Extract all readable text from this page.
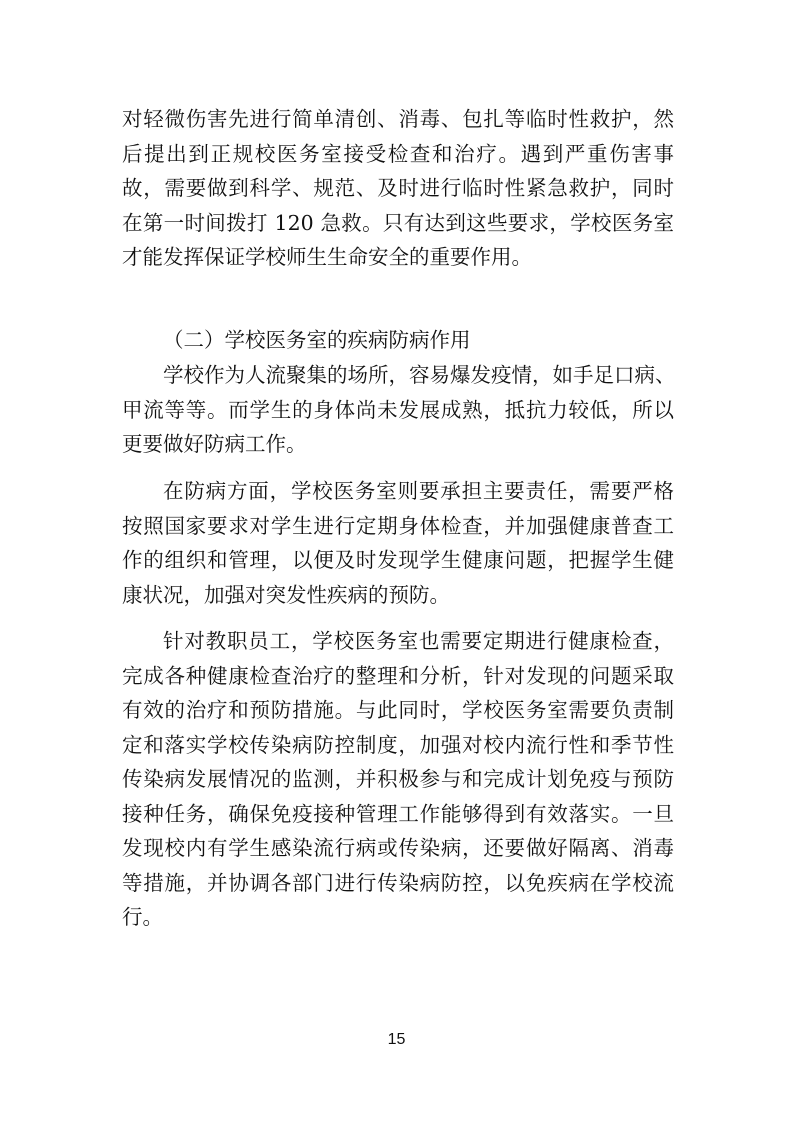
对轻微伤害先进行简单清创、消毒、包扎等临时性救护，然
后提出到正规校医务室接受检查和治疗。遇到严重伤害事
故，需要做到科学、规范、及时进行临时性紧急救护，同时
在第一时间拨打 120 急救。只有达到这些要求，学校医务室
才能发挥保证学校师生生命安全的重要作用。
（二）学校医务室的疾病防病作用
学校作为人流聚集的场所，容易爆发疫情，如手足口病、
甲流等等。而学生的身体尚未发展成熟，抵抗力较低，所以
更要做好防病工作。
在防病方面，学校医务室则要承担主要责任，需要严格
按照国家要求对学生进行定期身体检查，并加强健康普查工
作的组织和管理，以便及时发现学生健康问题，把握学生健
康状况，加强对突发性疾病的预防。
针对教职员工，学校医务室也需要定期进行健康检查，
完成各种健康检查治疗的整理和分析，针对发现的问题采取
有效的治疗和预防措施。与此同时，学校医务室需要负责制
定和落实学校传染病防控制度，加强对校内流行性和季节性
传染病发展情况的监测，并积极参与和完成计划免疫与预防
接种任务，确保免疫接种管理工作能够得到有效落实。一旦
发现校内有学生感染流行病或传染病，还要做好隔离、消毒
等措施，并协调各部门进行传染病防控，以免疾病在学校流
行。
15
